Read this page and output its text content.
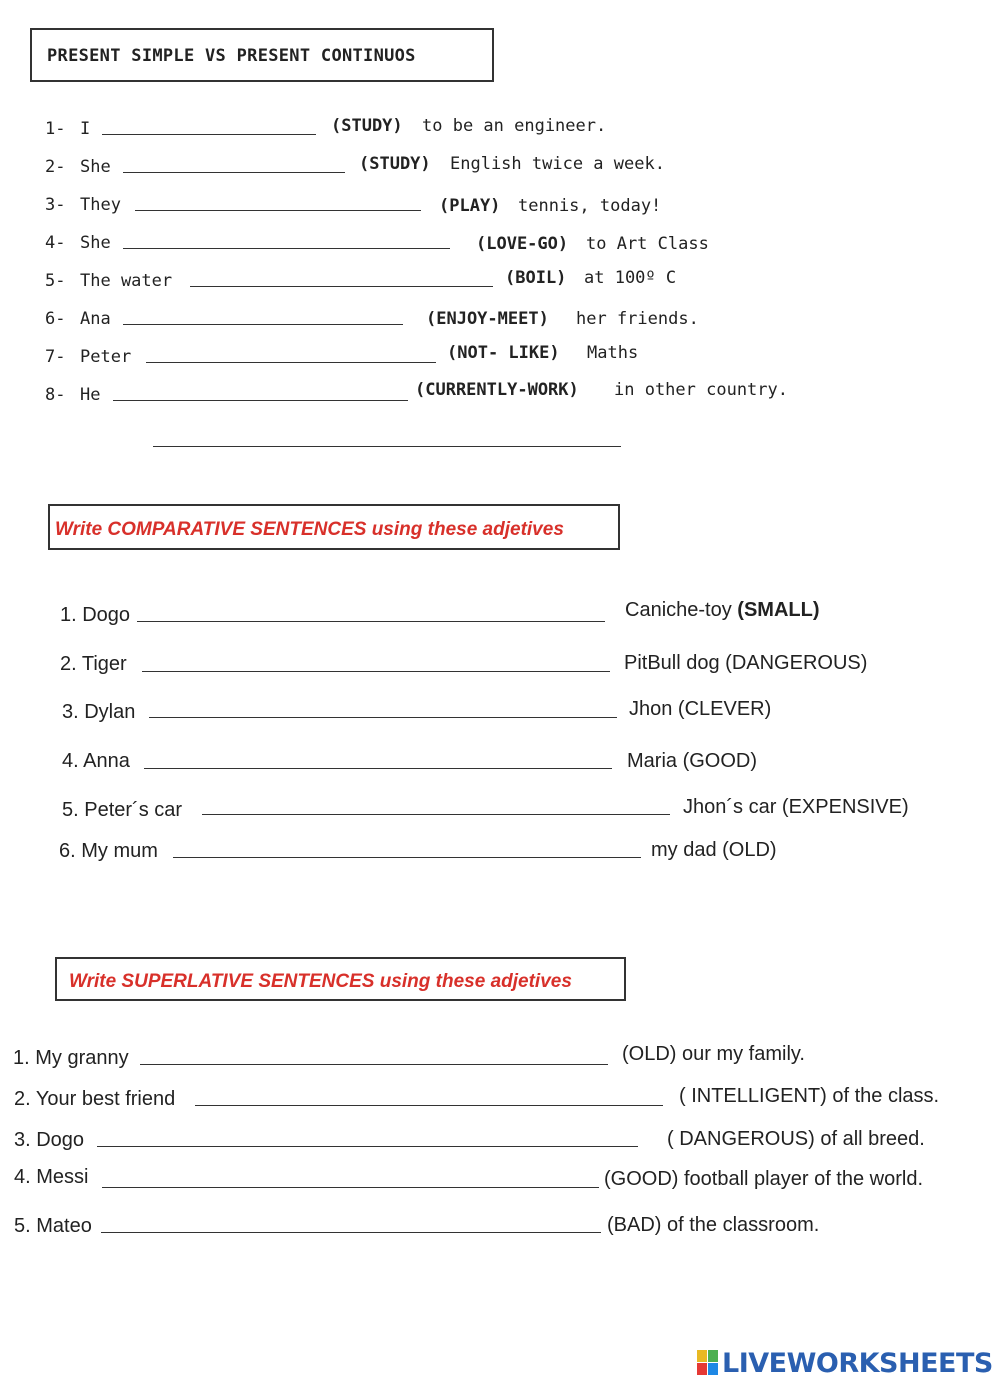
PRESENT SIMPLE VS PRESENT CONTINUOS
1- I	(STUDY) to be an engineer.
2- She	(STUDY) English twice a week.
3- They	(PLAY) tennis, today!
4- She	(LOVE-GO) to Art Class
5- The water	(BOIL) at 100º C
6- Ana	(ENJOY-MEET) her friends.
7- Peter	(NOT- LIKE) Maths
8- He	(CURRENTLY-WORK) in other country.
Write COMPARATIVE SENTENCES using these adjetives
1. Dogo	Caniche-toy (SMALL)
2. Tiger	PitBull dog (DANGEROUS)
3. Dylan	Jhon (CLEVER)
4. Anna	Maria (GOOD)
5. Peter´s car	Jhon´s car (EXPENSIVE)
6. My mum	my dad (OLD)
Write SUPERLATIVE SENTENCES using these adjetives
1. My granny	(OLD) our my family.
2. Your best friend	( INTELLIGENT) of the class.
3. Dogo	( DANGEROUS) of all breed.
4. Messi	(GOOD) football player of the world.
5. Mateo	(BAD) of the classroom.
LIVEWORKSHEETS
